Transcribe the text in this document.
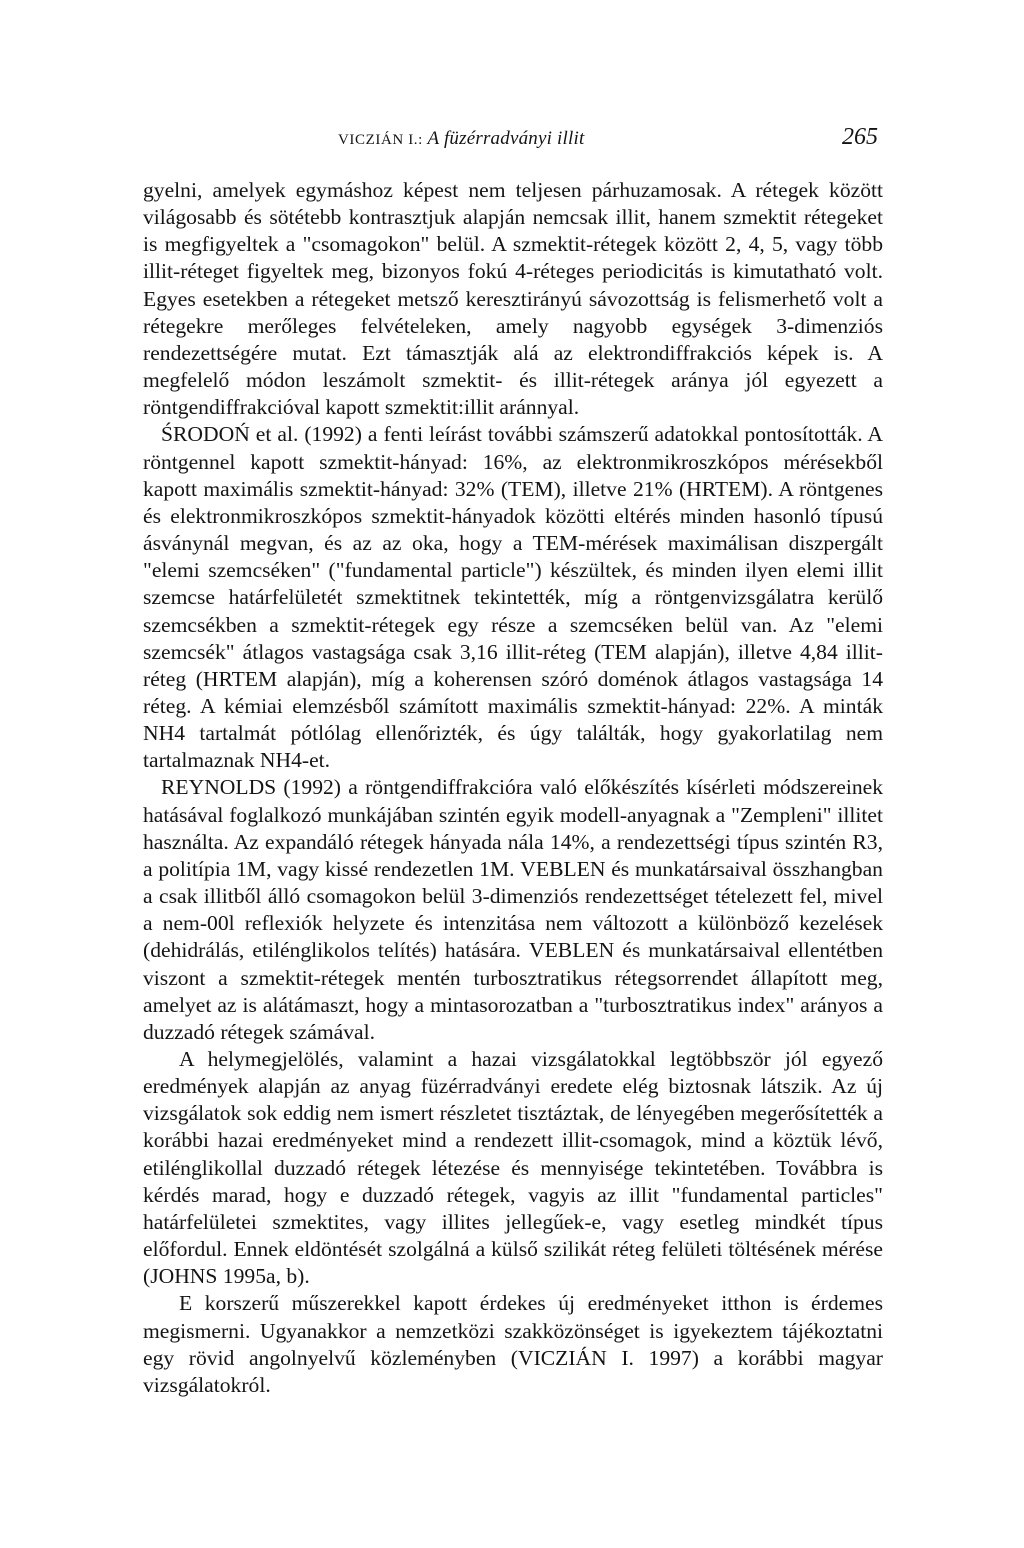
VICZIÁN I.: A füzérradványi illit	265

gyelni, amelyek egymáshoz képest nem teljesen párhuzamosak. A rétegek között világosabb és sötétebb kontrasztjuk alapján nemcsak illit, hanem szmektit rétegeket is megfigyeltek a "csomagokon" belül. A szmektit-rétegek között 2, 4, 5, vagy több illit-réteget figyeltek meg, bizonyos fokú 4-réteges periodicitás is kimutatható volt. Egyes esetekben a rétegeket metsző keresztirányú sávozottság is felismerhető volt a rétegekre merőleges felvételeken, amely nagyobb egységek 3-dimenziós rendezettségére mutat. Ezt támasztják alá az elektrondiffrakciós képek is. A megfelelő módon leszámolt szmektit- és illit-rétegek aránya jól egyezett a röntgendiffrakcióval kapott szmektit:illit aránnyal.

ŚRODOŃ et al. (1992) a fenti leírást további számszerű adatokkal pontosították. A röntgennel kapott szmektit-hányad: 16%, az elektronmikroszkópos mérésekből kapott maximális szmektit-hányad: 32% (TEM), illetve 21% (HRTEM). A röntgenes és elektronmikroszkópos szmektit-hányadok közötti eltérés minden hasonló típusú ásványnál megvan, és az az oka, hogy a TEM-mérések maximálisan diszpergált "elemi szemcséken" ("fundamental particle") készültek, és minden ilyen elemi illit szemcse határfelületét szmektitnek tekintették, míg a röntgenvizsgálatra kerülő szemcsékben a szmektit-rétegek egy része a szemcséken belül van. Az "elemi szemcsék" átlagos vastagsága csak 3,16 illit-réteg (TEM alapján), illetve 4,84 illit-réteg (HRTEM alapján), míg a koherensen szóró doménok átlagos vastagsága 14 réteg. A kémiai elemzésből számított maximális szmektit-hányad: 22%. A minták NH4 tartalmát pótlólag ellenőrizték, és úgy találták, hogy gyakorlatilag nem tartalmaznak NH4-et.

REYNOLDS (1992) a röntgendiffrakcióra való előkészítés kísérleti módszereinek hatásával foglalkozó munkájában szintén egyik modell-anyagnak a "Zempleni" illitet használta. Az expandáló rétegek hányada nála 14%, a rendezettségi típus szintén R3, a politípia 1M, vagy kissé rendezetlen 1M. VEBLEN és munkatársaival összhangban a csak illitből álló csomagokon belül 3-dimenziós rendezettséget tételezett fel, mivel a nem-00l reflexiók helyzete és intenzitása nem változott a különböző kezelések (dehidrálás, etilénglikolos telítés) hatására. VEBLEN és munkatársaival ellentétben viszont a szmektit-rétegek mentén turbosztratikus rétegsorrendet állapított meg, amelyet az is alátámaszt, hogy a mintasorozatban a "turbosztratikus index" arányos a duzzadó rétegek számával.

A helymegjelölés, valamint a hazai vizsgálatokkal legtöbbször jól egyező eredmények alapján az anyag füzérradványi eredete elég biztosnak látszik. Az új vizsgálatok sok eddig nem ismert részletet tisztáztak, de lényegében megerősítették a korábbi hazai eredményeket mind a rendezett illit-csomagok, mind a köztük lévő, etilénglikollal duzzadó rétegek létezése és mennyisége tekintetében. Továbbra is kérdés marad, hogy e duzzadó rétegek, vagyis az illit "fundamental particles" határfelületei szmektites, vagy illites jellegűek-e, vagy esetleg mindkét típus előfordul. Ennek eldöntését szolgálná a külső szilikát réteg felületi töltésének mérése (JOHNS 1995a, b).

E korszerű műszerekkel kapott érdekes új eredményeket itthon is érdemes megismerni. Ugyanakkor a nemzetközi szakközönséget is igyekeztem tájékoztatni egy rövid angolnyelvű közleményben (VICZIÁN I. 1997) a korábbi magyar vizsgálatokról.
